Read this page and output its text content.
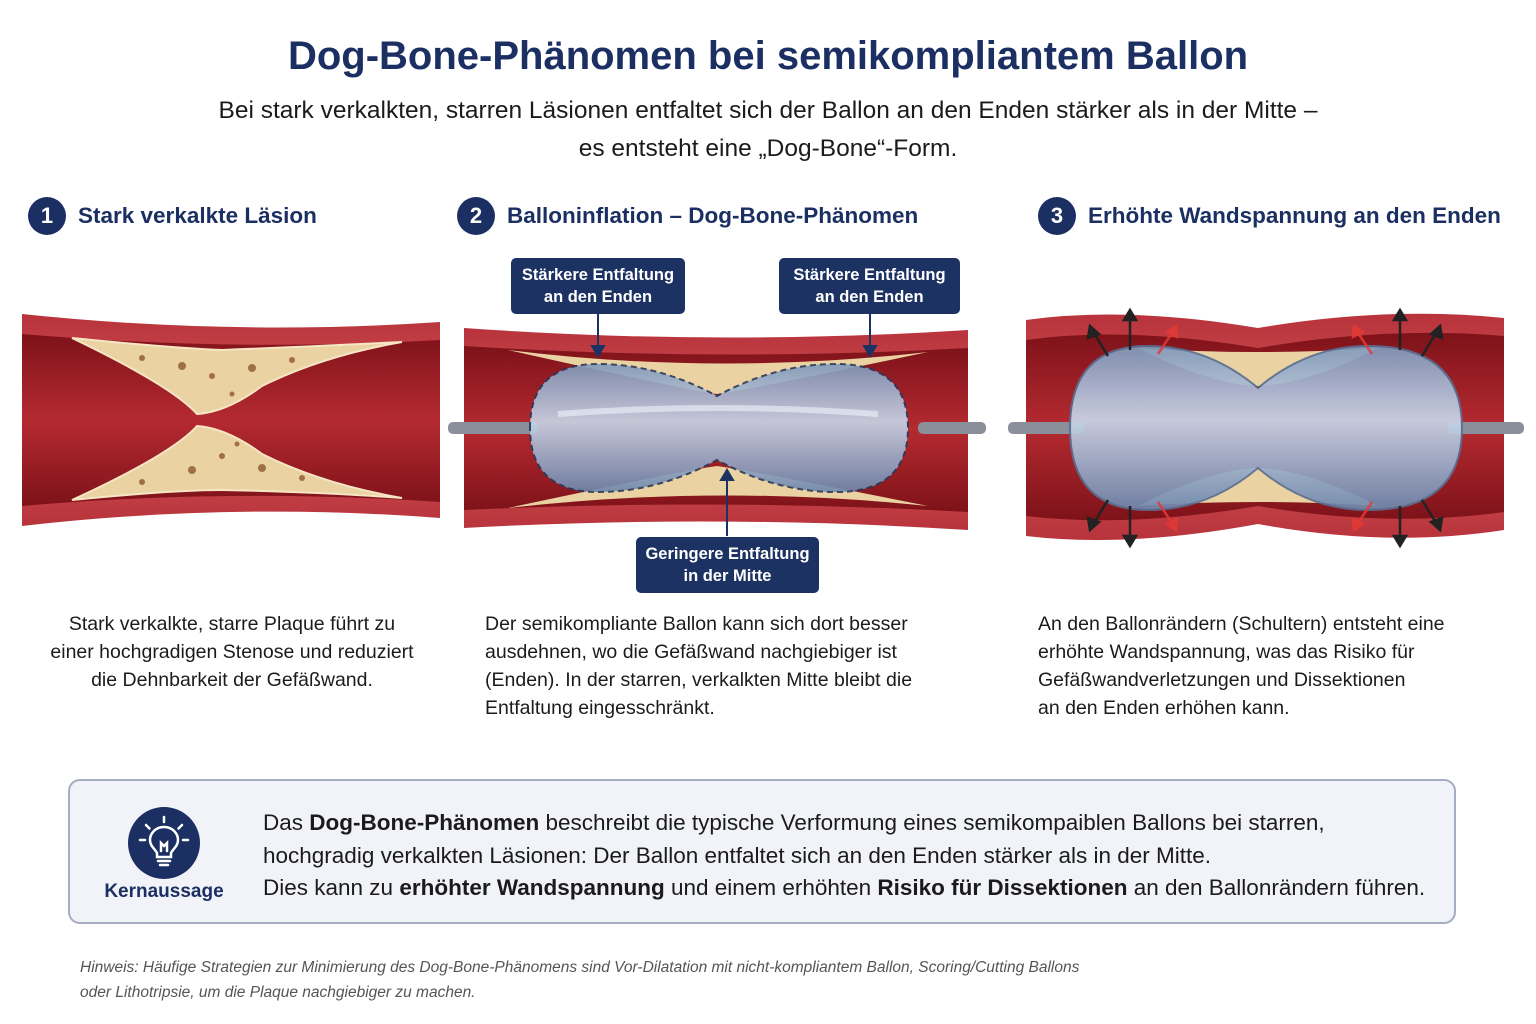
Dog-Bone-Phänomen bei semikompliantem Ballon
Bei stark verkalkten, starren Läsionen entfaltet sich der Ballon an den Enden stärker als in der Mitte –
es entsteht eine „Dog-Bone“-Form.
1	Stark verkalkte Läsion	2	Balloninflation – Dog-Bone-Phänomen	3	Erhöhte Wandspannung an den Enden
Stärkere Entfaltung
an den Enden
Stärkere Entfaltung
an den Enden
Geringere Entfaltung
in der Mitte
Stark verkalkte, starre Plaque führt zu
einer hochgradigen Stenose und reduziert
die Dehnbarkeit der Gefäßwand.
Der semikompliante Ballon kann sich dort besser
ausdehnen, wo die Gefäßwand nachgiebiger ist
(Enden). In der starren, verkalkten Mitte bleibt die
Entfaltung eingesschränkt.
An den Ballonrändern (Schultern) entsteht eine
erhöhte Wandspannung, was das Risiko für
Gefäßwandverletzungen und Dissektionen
an den Enden erhöhen kann.
Kernaussage
Das Dog-Bone-Phänomen beschreibt die typische Verformung eines semikompaiblen Ballons bei starren,
hochgradig verkalkten Läsionen: Der Ballon entfaltet sich an den Enden stärker als in der Mitte.
Dies kann zu erhöhter Wandspannung und einem erhöhten Risiko für Dissektionen an den Ballonrändern führen.
Hinweis: Häufige Strategien zur Minimierung des Dog-Bone-Phänomens sind Vor-Dilatation mit nicht-kompliantem Ballon, Scoring/Cutting Ballons
oder Lithotripsie, um die Plaque nachgiebiger zu machen.
